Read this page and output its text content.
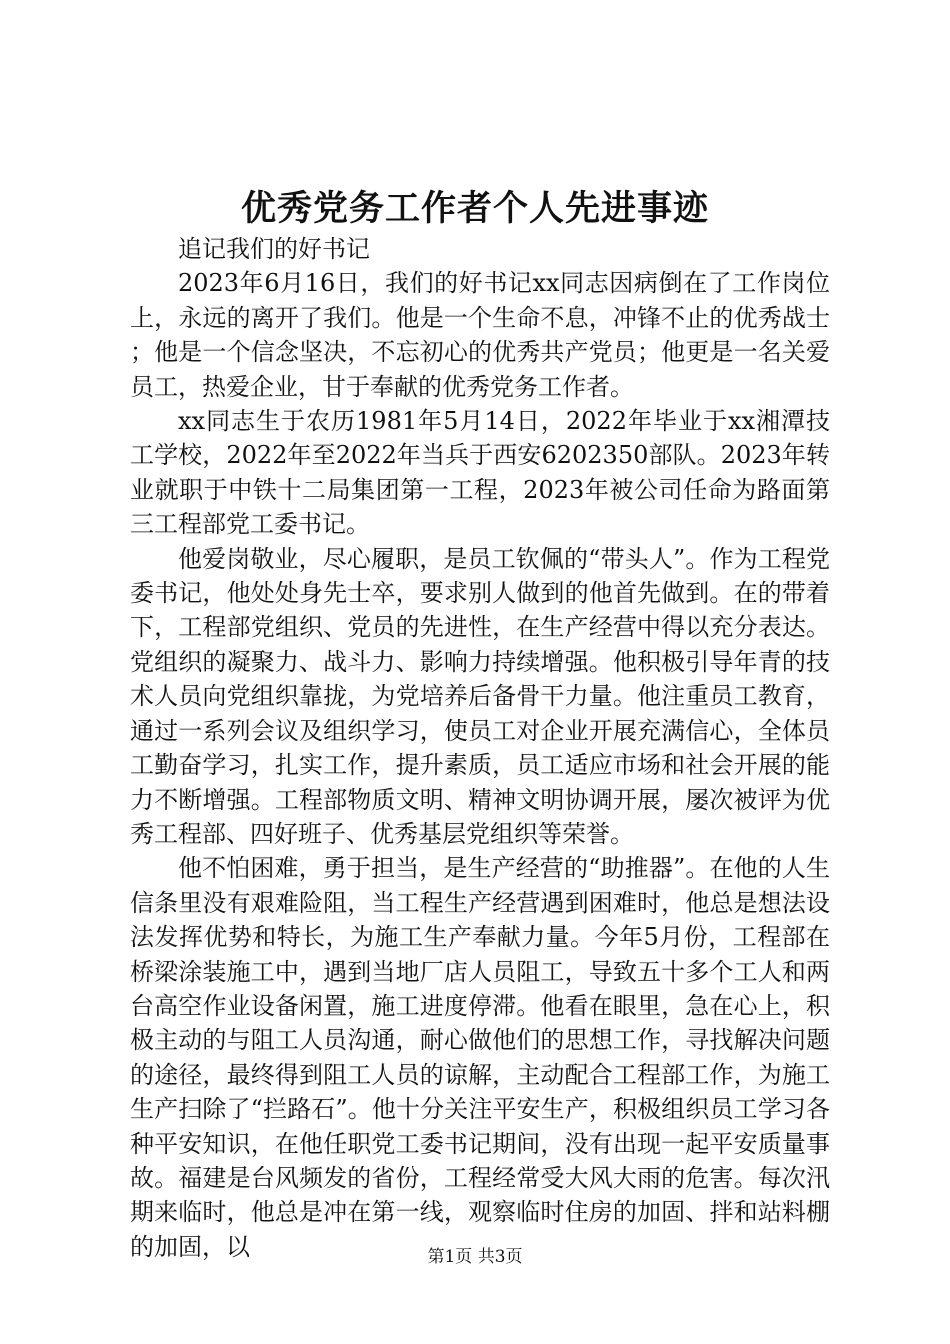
优秀党务工作者个人先进事迹

追记我们的好书记

2023年6月16日，我们的好书记xx同志因病倒在了工作岗位上，永远的离开了我们。他是一个生命不息，冲锋不止的优秀战士；他是一个信念坚决，不忘初心的优秀共产党员；他更是一名关爱员工，热爱企业，甘于奉献的优秀党务工作者。

xx同志生于农历1981年5月14日，2022年毕业于xx湘潭技工学校，2022年至2022年当兵于西安6202350部队。2023年转业就职于中铁十二局集团第一工程，2023年被公司任命为路面第三工程部党工委书记。

他爱岗敬业，尽心履职，是员工钦佩的“带头人”。作为工程党委书记，他处处身先士卒，要求别人做到的他首先做到。在的带着下，工程部党组织、党员的先进性，在生产经营中得以充分表达。党组织的凝聚力、战斗力、影响力持续增强。他积极引导年青的技术人员向党组织靠拢，为党培养后备骨干力量。他注重员工教育，通过一系列会议及组织学习，使员工对企业开展充满信心，全体员工勤奋学习，扎实工作，提升素质，员工适应市场和社会开展的能力不断增强。工程部物质文明、精神文明协调开展，屡次被评为优秀工程部、四好班子、优秀基层党组织等荣誉。

他不怕困难，勇于担当，是生产经营的“助推器”。在他的人生信条里没有艰难险阻，当工程生产经营遇到困难时，他总是想法设法发挥优势和特长，为施工生产奉献力量。今年5月份，工程部在桥梁涂装施工中，遇到当地厂店人员阻工，导致五十多个工人和两台高空作业设备闲置，施工进度停滞。他看在眼里，急在心上，积极主动的与阻工人员沟通，耐心做他们的思想工作，寻找解决问题的途径，最终得到阻工人员的谅解，主动配合工程部工作，为施工生产扫除了“拦路石”。他十分关注平安生产，积极组织员工学习各种平安知识，在他任职党工委书记期间，没有出现一起平安质量事故。福建是台风频发的省份，工程经常受大风大雨的危害。每次汛期来临时，他总是冲在第一线，观察临时住房的加固、拌和站料棚的加固，以	第1页 共3页
